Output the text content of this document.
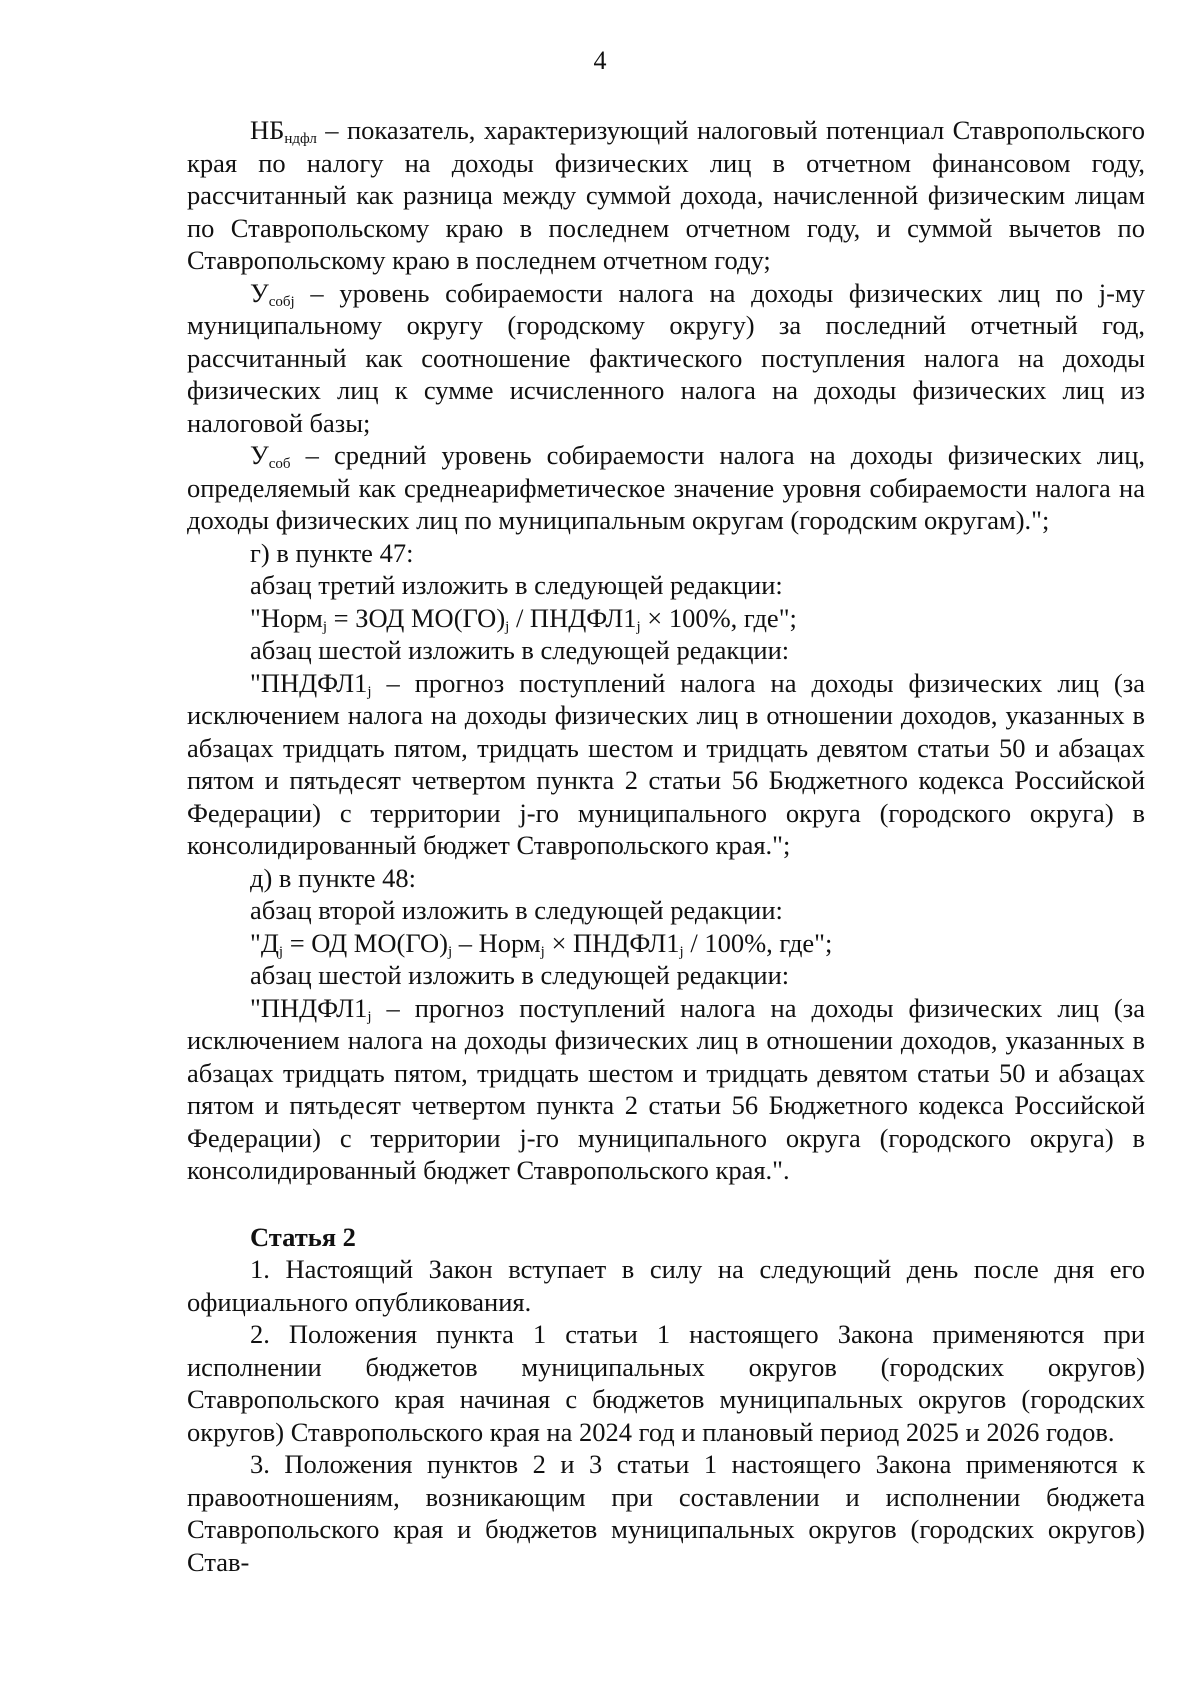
4

$НБ_{ндфл}$ – показатель, характеризующий налоговый потенциал Ставропольского края по налогу на доходы физических лиц в отчетном финансовом году, рассчитанный как разница между суммой дохода, начисленной физическим лицам по Ставропольскому краю в последнем отчетном году, и суммой вычетов по Ставропольскому краю в последнем отчетном году;

$У_{собj}$ – уровень собираемости налога на доходы физических лиц по j-му муниципальному округу (городскому округу) за последний отчетный год, рассчитанный как соотношение фактического поступления налога на доходы физических лиц к сумме исчисленного налога на доходы физических лиц из налоговой базы;

$У_{соб}$ – средний уровень собираемости налога на доходы физических лиц, определяемый как среднеарифметическое значение уровня собираемости налога на доходы физических лиц по муниципальным округам (городским округам).";

г) в пункте 47:

абзац третий изложить в следующей редакции:

"Норм$_j$ = ЗОД $МО(ГО)_j$ / $ПНДФЛ1_j \times 100\%$, где";

абзац шестой изложить в следующей редакции:

"$ПНДФЛ1_j$ – прогноз поступлений налога на доходы физических лиц (за исключением налога на доходы физических лиц в отношении доходов, указанных в абзацах тридцать пятом, тридцать шестом и тридцать девятом статьи 50 и абзацах пятом и пятьдесят четвертом пункта 2 статьи 56 Бюджетного кодекса Российской Федерации) с территории j-го муниципального округа (городского округа) в консолидированный бюджет Ставропольского края.";

д) в пункте 48:

абзац второй изложить в следующей редакции:

"$Д_j$ = ОД $МО(ГО)_j$ – Норм$_j$ × $ПНДФЛ1_j / 100\%$, где";

абзац шестой изложить в следующей редакции:

"$ПНДФЛ1_j$ – прогноз поступлений налога на доходы физических лиц (за исключением налога на доходы физических лиц в отношении доходов, указанных в абзацах тридцать пятом, тридцать шестом и тридцать девятом статьи 50 и абзацах пятом и пятьдесят четвертом пункта 2 статьи 56 Бюджетного кодекса Российской Федерации) с территории j-го муниципального округа (городского округа) в консолидированный бюджет Ставропольского края.".

Статья 2

1. Настоящий Закон вступает в силу на следующий день после дня его официального опубликования.

2. Положения пункта 1 статьи 1 настоящего Закона применяются при исполнении бюджетов муниципальных округов (городских округов) Ставропольского края начиная с бюджетов муниципальных округов (городских округов) Ставропольского края на 2024 год и плановый период 2025 и 2026 годов.

3. Положения пунктов 2 и 3 статьи 1 настоящего Закона применяются к правоотношениям, возникающим при составлении и исполнении бюджета Ставропольского края и бюджетов муниципальных округов (городских округов) Став-
